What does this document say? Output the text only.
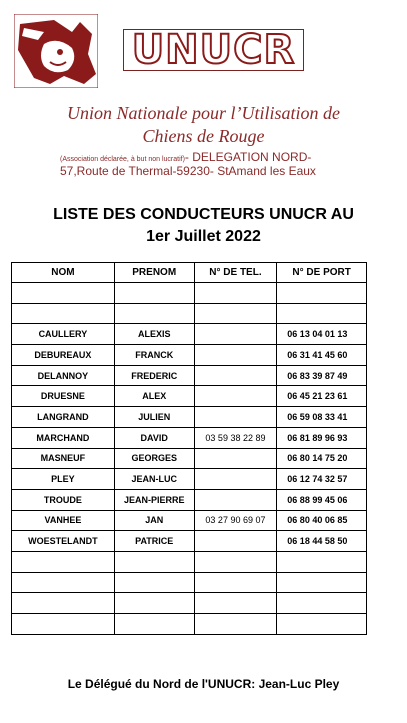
UNUCR
Union Nationale pour l’Utilisation de
Chiens de Rouge
(Association déclarée, à but non lucratif)- DELEGATION NORD-
57,Route de Thermal-59230- StAmand les Eaux
LISTE DES CONDUCTEURS UNUCR AU
1er Juillet 2022
NOM	PRENOM	N° DE TEL.	N° DE PORT

CAULLERY	ALEXIS		06 13 04 01 13
DEBUREAUX	FRANCK		06 31 41 45 60
DELANNOY	FREDERIC		06 83 39 87 49
DRUESNE	ALEX		06 45 21 23 61
LANGRAND	JULIEN		06 59 08 33 41
MARCHAND	DAVID	03 59 38 22 89	06 81 89 96 93
MASNEUF	GEORGES		06 80 14 75 20
PLEY	JEAN-LUC		06 12 74 32 57
TROUDE	JEAN-PIERRE		06 88 99 45 06
VANHEE	JAN	03 27 90 69 07	06 80 40 06 85
WOESTELANDT	PATRICE		06 18 44 58 50

Le Délégué du Nord de l'UNUCR: Jean-Luc Pley
